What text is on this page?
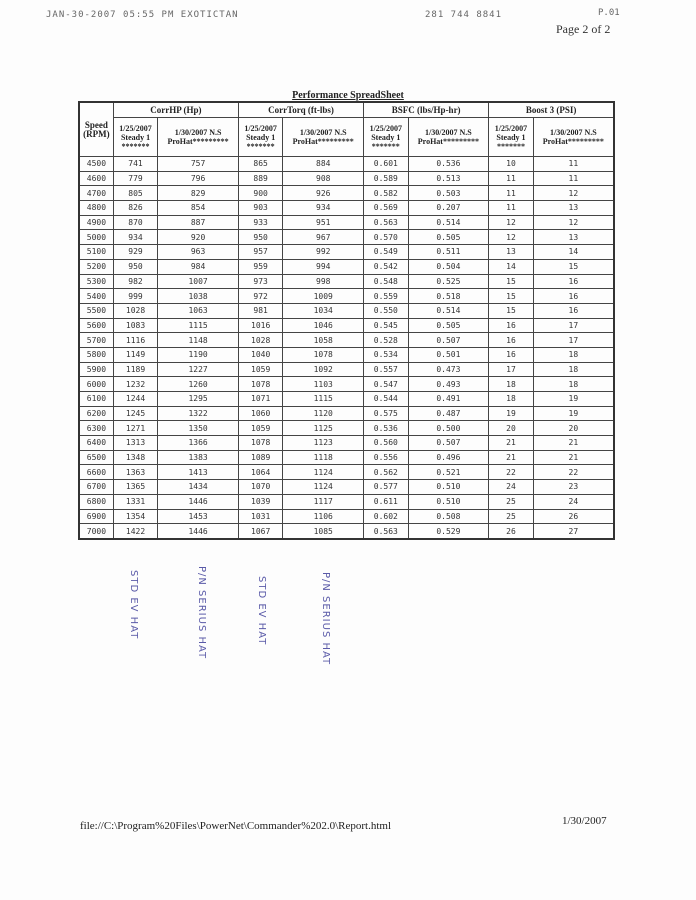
JAN-30-2007 05:55 PM EXOTICTAN	281 744 8841	P.01
Page 2 of 2
Performance SpreadSheet
Speed (RPM)	CorrHP (Hp)		CorrTorq (ft-lbs)		BSFC (lbs/Hp-hr)		Boost 3 (PSI)	
	1/25/2007 Steady 1 *******	1/30/2007 N.S ProHat*********	1/25/2007 Steady 1 *******	1/30/2007 N.S ProHat*********	1/25/2007 Steady 1 *******	1/30/2007 N.S ProHat*********	1/25/2007 Steady 1 *******	1/30/2007 N.S ProHat*********
4500	741	757	865	884	0.601	0.536	10	11
4600	779	796	889	908	0.589	0.513	11	11
4700	805	829	900	926	0.582	0.503	11	12
4800	826	854	903	934	0.569	0.207	11	13
4900	870	887	933	951	0.563	0.514	12	12
5000	934	920	950	967	0.570	0.505	12	13
5100	929	963	957	992	0.549	0.511	13	14
5200	950	984	959	994	0.542	0.504	14	15
5300	982	1007	973	998	0.548	0.525	15	16
5400	999	1038	972	1009	0.559	0.518	15	16
5500	1028	1063	981	1034	0.550	0.514	15	16
5600	1083	1115	1016	1046	0.545	0.505	16	17
5700	1116	1148	1028	1058	0.528	0.507	16	17
5800	1149	1190	1040	1078	0.534	0.501	16	18
5900	1189	1227	1059	1092	0.557	0.473	17	18
6000	1232	1260	1078	1103	0.547	0.493	18	18
6100	1244	1295	1071	1115	0.544	0.491	18	19
6200	1245	1322	1060	1120	0.575	0.487	19	19
6300	1271	1350	1059	1125	0.536	0.500	20	20
6400	1313	1366	1078	1123	0.560	0.507	21	21
6500	1348	1383	1089	1118	0.556	0.496	21	21
6600	1363	1413	1064	1124	0.562	0.521	22	22
6700	1365	1434	1070	1124	0.577	0.510	24	23
6800	1331	1446	1039	1117	0.611	0.510	25	24
6900	1354	1453	1031	1106	0.602	0.508	25	26
7000	1422	1446	1067	1085	0.563	0.529	26	27
STD EV HAT	P/N SERIUS HAT	STD EV HAT	P/N SERIUS HAT
file://C:\Program%20Files\PowerNet\Commander%202.0\Report.html	1/30/2007
